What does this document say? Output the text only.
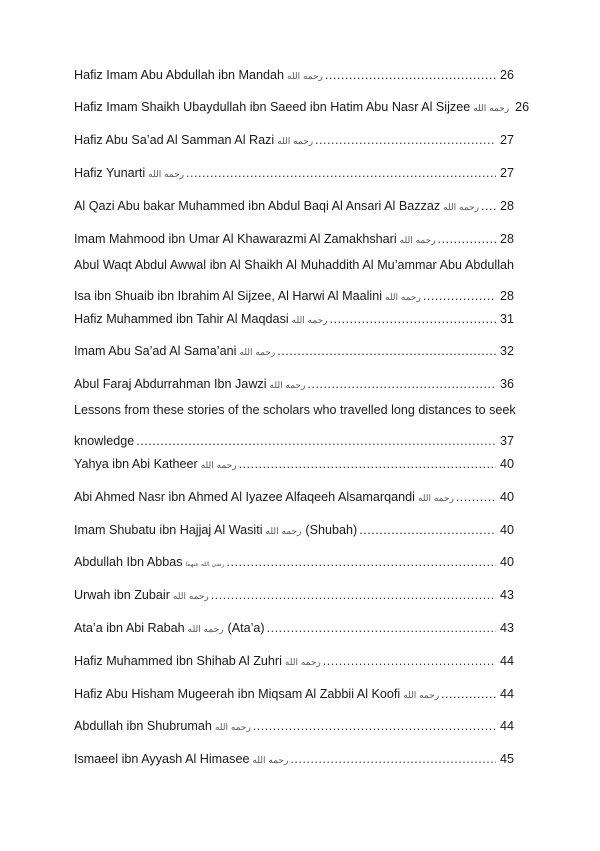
Hafiz Imam Abu Abdullah ibn Mandah رحمه الله .....	26
Hafiz Imam Shaikh Ubaydullah ibn Saeed ibn Hatim Abu Nasr Al Sijzee رحمه الله 26
Hafiz Abu Sa’ad Al Samman Al Razi رحمه الله .....	27
Hafiz Yunarti رحمه الله .....	27
Al Qazi Abu bakar Muhammed ibn Abdul Baqi Al Ansari Al Bazzaz رحمه الله ..... 28
Imam Mahmood ibn Umar Al Khawarazmi Al Zamakhshari رحمه الله .....	28
Abul Waqt Abdul Awwal ibn Al Shaikh Al Muhaddith Al Mu’ammar Abu Abdullah
Isa ibn Shuaib ibn Ibrahim Al Sijzee, Al Harwi Al Maalini رحمه الله .....	28
Hafiz Muhammed ibn Tahir Al Maqdasi رحمه الله .....	31
Imam Abu Sa’ad Al Sama’ani رحمه الله .....	32
Abul Faraj Abdurrahman Ibn Jawzi رحمه الله .....	36
Lessons from these stories of the scholars who travelled long distances to seek
knowledge .....	37
Yahya ibn Abi Katheer رحمه الله .....	40
Abi Ahmed Nasr ibn Ahmed Al Iyazee Alfaqeeh Alsamarqandi رحمه الله .....	40
Imam Shubatu ibn Hajjaj Al Wasiti رحمه الله (Shubah) .....	40
Abdullah Ibn Abbas رضي الله عنهما .....	40
Urwah ibn Zubair رحمه الله .....	43
Ata’a ibn Abi Rabah رحمه الله (Ata’a) .....	43
Hafiz Muhammed ibn Shihab Al Zuhri رحمه الله .....	44
Hafiz Abu Hisham Mugeerah ibn Miqsam Al Zabbii Al Koofi رحمه الله .....	44
Abdullah ibn Shubrumah رحمه الله .....	44
Ismaeel ibn Ayyash Al Himasee رحمه الله .....	45
